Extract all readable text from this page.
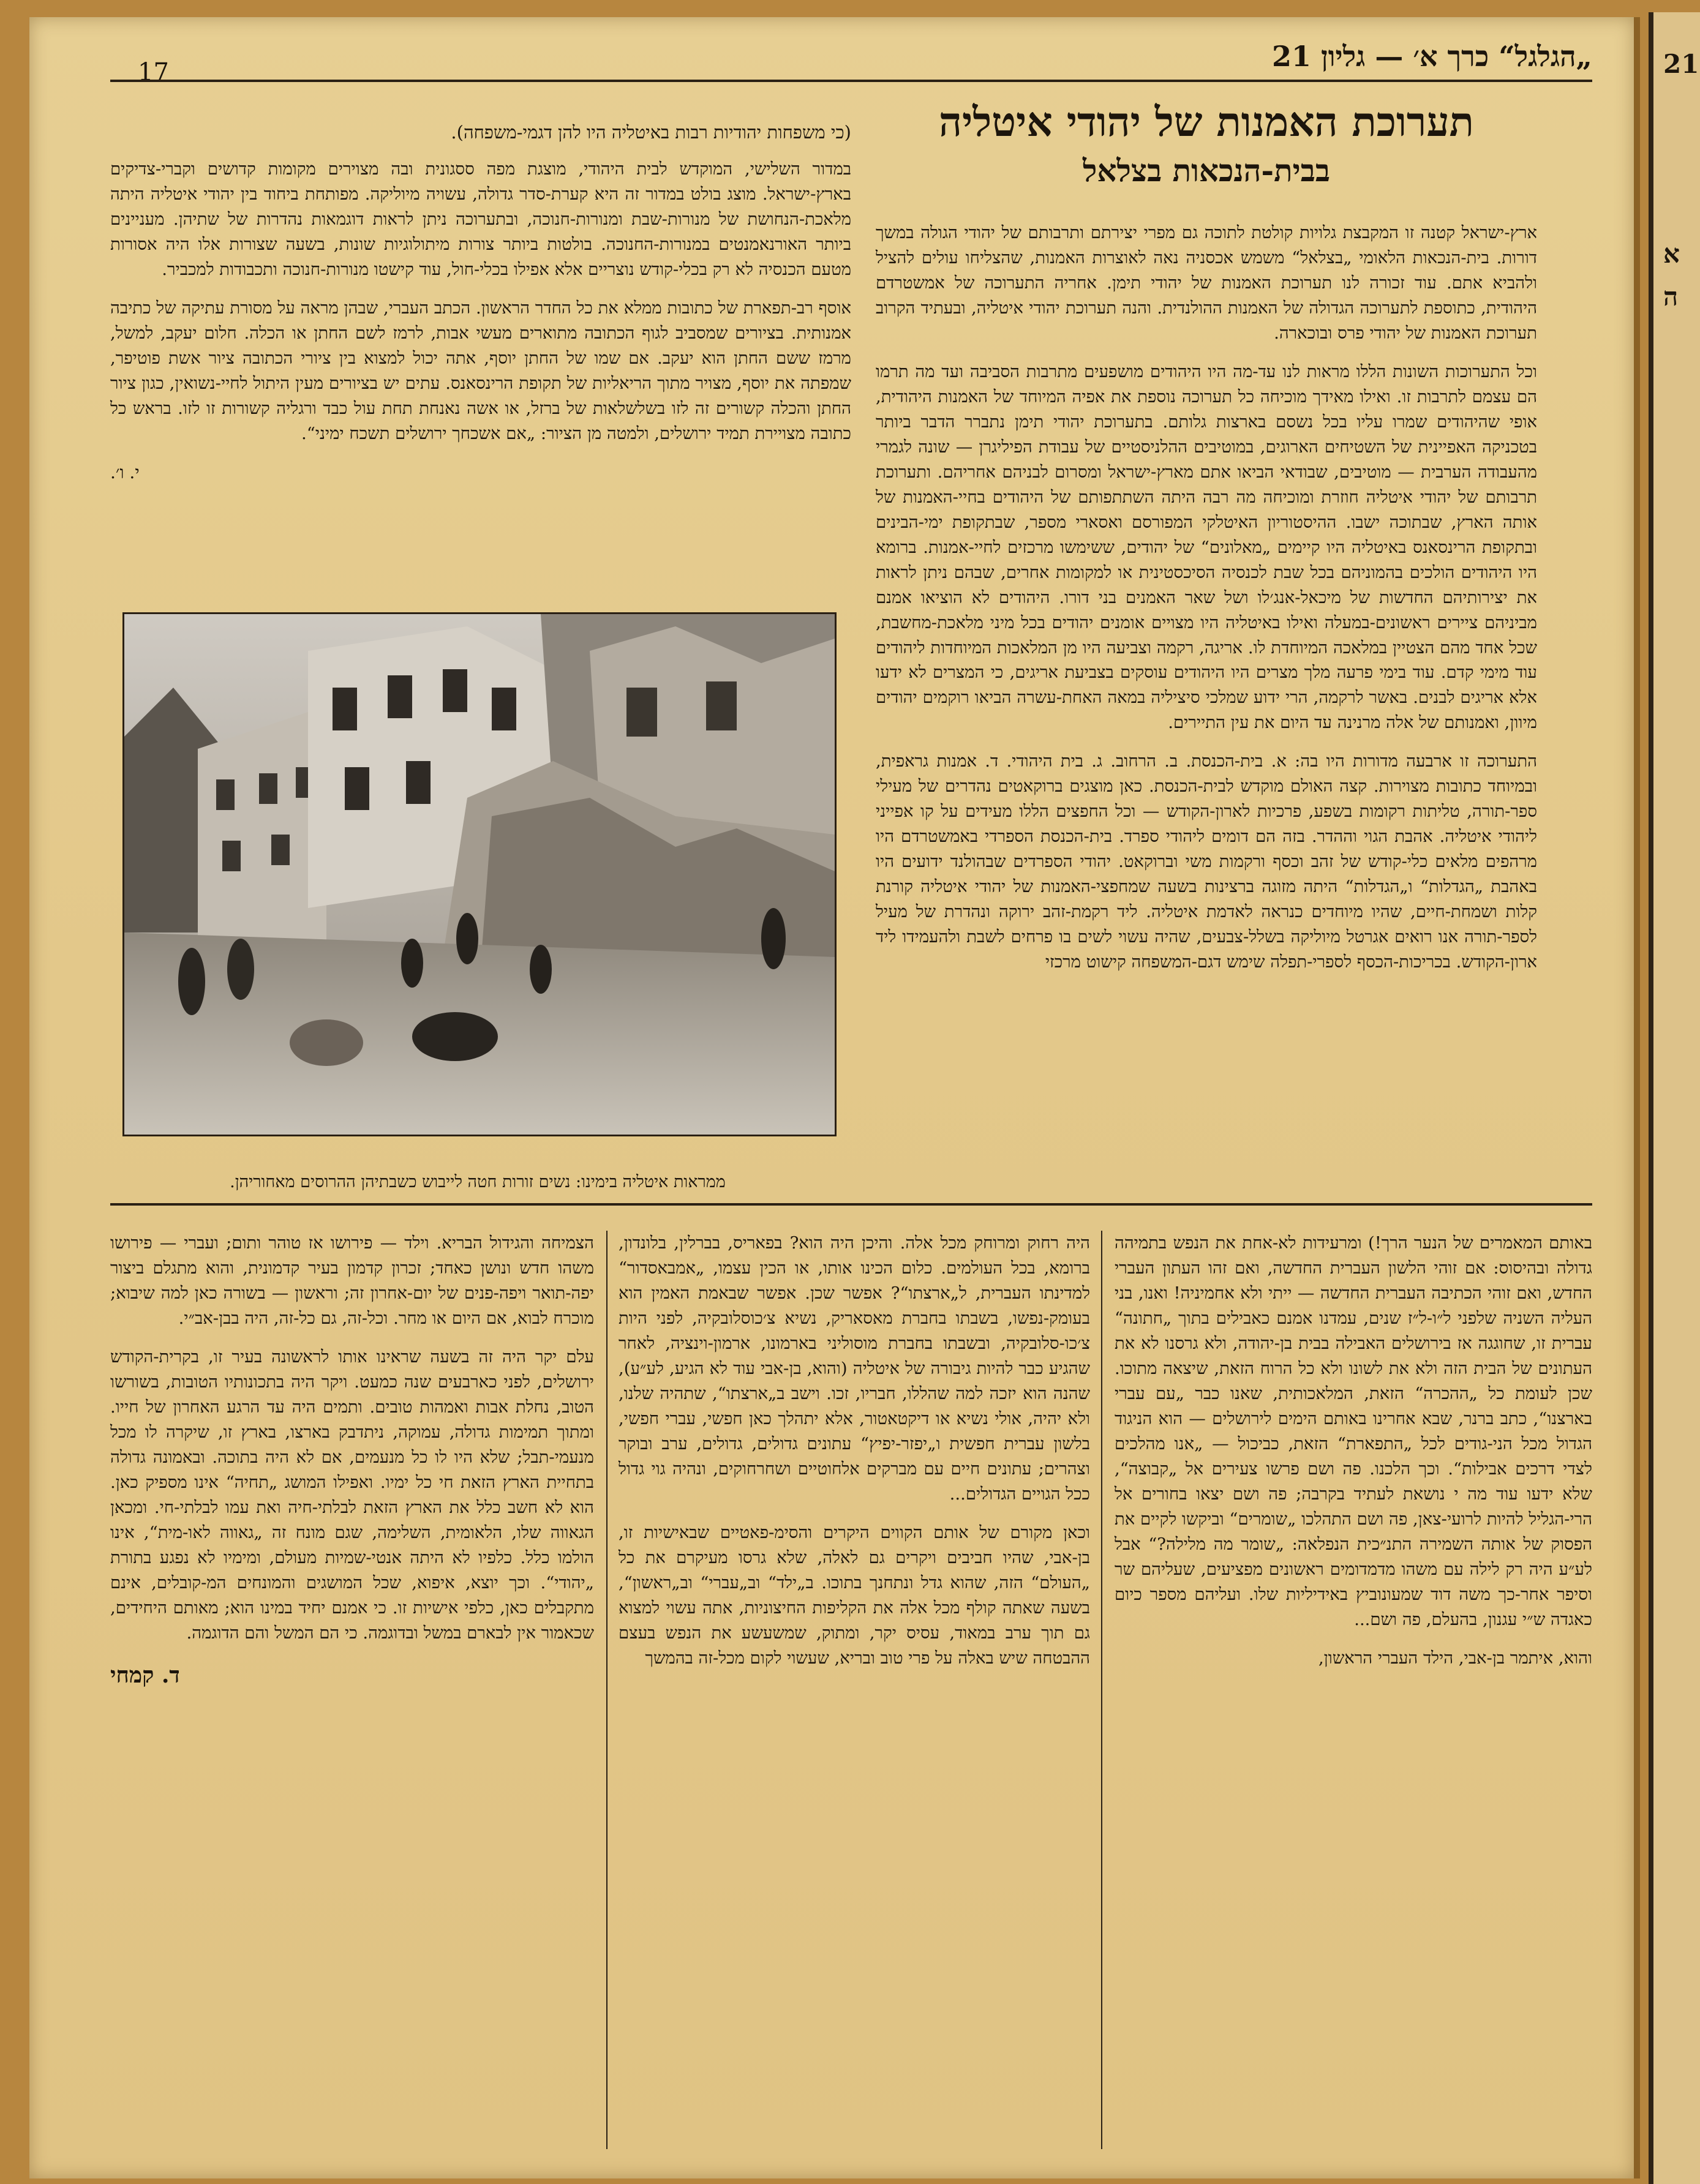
21
א
ה
17	„הגלגל“ כרך א׳ — גליון 21
תערוכת האמנות של יהודי איטליה
בבית-הנכאות בצלאל

ארץ-ישראל קטנה זו המקבצת גלויות קולטת לתוכה גם מפרי יצירתם ותרבותם של יהודי הגולה במשך דורות. בית-הנכאות הלאומי „בצלאל“ משמש אכסניה נאה לאוצרות האמנות, שהצליחו עולים להציל ולהביא אתם. עוד זכורה לנו תערוכת האמנות של יהודי תימן. אחריה התערוכה של אמשטרדם היהודית, כתוספת לתערוכה הגדולה של האמנות ההולנדית. והנה תערוכת יהודי איטליה, ובעתיד הקרוב תערוכת האמנות של יהודי פרס ובוכארה.

וכל התערוכות השונות הללו מראות לנו עד-מה היו היהודים מושפעים מתרבות הסביבה ועד מה תרמו הם עצמם לתרבות זו. ואילו מאידך מוכיחה כל תערוכה נוספת את אפיה המיוחד של האמנות היהודית, אופי שהיהודים שמרו עליו בכל נשסם בארצות גלותם. בתערוכת יהודי תימן נתברר הדבר ביותר בטכניקה האפיינית של השטיחים הארוגים, במוטיבים ההלניסטיים של עבודת הפיליגרן — שונה לגמרי מהעבודה הערבית — מוטיבים, שבודאי הביאו אתם מארץ-ישראל ומסרום לבניהם אחריהם. ותערוכת תרבותם של יהודי איטליה חוזרת ומוכיחה מה רבה היתה השתתפותם של היהודים בחיי-האמנות של אותה הארץ, שבתוכה ישבו. ההיסטוריון האיטלקי המפורסם ואסארי מספר, שבתקופת ימי-הבינים ובתקופת הרינסאנס באיטליה היו קיימים „מאלונים“ של יהודים, ששימשו מרכזים לחיי-אמנות. ברומא היו היהודים הולכים בהמוניהם בכל שבת לכנסיה הסיכסטינית או למקומות אחרים, שבהם ניתן לראות את יצירותיהם החדשות של מיכאל-אנג׳לו ושל שאר האמנים בני דורו. היהודים לא הוציאו אמנם מביניהם ציירים ראשונים-במעלה ואילו באיטליה היו מצויים אומנים יהודים בכל מיני מלאכת-מחשבת, שכל אחד מהם הצטיין במלאכה המיוחדת לו. אריגה, רקמה וצביעה היו מן המלאכות המיוחדות ליהודים עוד מימי קדם. עוד בימי פרעה מלך מצרים היו היהודים עוסקים בצביעת אריגים, כי המצרים לא ידעו אלא אריגים לבנים. באשר לרקמה, הרי ידוע שמלכי סיציליה במאה האחת-עשרה הביאו רוקמים יהודים מיוון, ואמנותם של אלה מרנינה עד היום את עין התיירים.

התערוכה זו ארבעה מדורות היו בה: א. בית-הכנסת. ב. הרחוב. ג. בית היהודי. ד. אמנות גראפית, ובמיוחד כתובות מצוירות. קצה האולם מוקדש לבית-הכנסת. כאן מוצגים ברוקאטים נהדרים של מעילי ספר-תורה, טליתות רקומות בשפע, פרכיות לארון-הקודש — וכל החפצים הללו מעידים על קו אפייני ליהודי איטליה. אהבת הגוי וההדר. בזה הם דומים ליהודי ספרד. בית-הכנסת הספרדי באמשטרדם היו מרהפים מלאים כלי-קודש של זהב וכסף ורקמות משי וברוקאט. יהודי הספרדים שבהולנד ידועים היו באהבת „הגדלות“ ו„הגדלות“ היתה מזוגה ברצינות בשעה שמחפצי-האמנות של יהודי איטליה קורנת קלות ושמחת-חיים, שהיו מיוחדים כנראה לאדמת איטליה. ליד רקמת-זהב ירוקה ונהדרת של מעיל לספר-תורה אנו רואים אגרטל מיוליקה בשלל-צבעים, שהיה עשוי לשים בו פרחים לשבת ולהעמידו ליד ארון-הקודש. בכריכות-הכסף לספרי-תפלה שימש דגם-המשפחה קישוט מרכזי

(כי משפחות יהודיות רבות באיטליה היו להן דגמי-משפחה).

במדור השלישי, המוקדש לבית היהודי, מוצגת מפה ססגונית ובה מצוירים מקומות קדושים וקברי-צדיקים בארץ-ישראל. מוצג בולט במדור זה היא קערת-סדר גדולה, עשויה מיוליקה. מפותחת ביחוד בין יהודי איטליה היתה מלאכת-הנחושת של מנורות-שבת ומנורות-חנוכה, ובתערוכה ניתן לראות דוגמאות נהדרות של שתיהן. מעניינים ביותר האורנאמנטים במנורות-החנוכה. בולטות ביותר צורות מיתולוגיות שונות, בשעה שצורות אלו היה אסורות מטעם הכנסיה לא רק בכלי-קודש נוצריים אלא אפילו בכלי-חול, עוד קישטו מנורות-חנוכה ותכבודות למכביר.

אוסף רב-תפארת של כתובות ממלא את כל החדר הראשון. הכתב העברי, שבהן מראה על מסורת עתיקה של כתיבה אמנותית. בציורים שמסביב לגוף הכתובה מתוארים מעשי אבות, לרמז לשם החתן או הכלה. חלום יעקב, למשל, מרמז ששם החתן הוא יעקב. אם שמו של החתן יוסף, אתה יכול למצוא בין ציורי הכתובה ציור אשת פוטיפר, שמפתה את יוסף, מצויר מתוך הריאליות של תקופת הרינסאנס. עתים יש בציורים מעין היתול לחיי-נשואין, כגון ציור החתן והכלה קשורים זה לזו בשלשלאות של ברזל, או אשה נאנחת תחת עול כבד ורגליה קשורות זו לזו. בראש כל כתובה מצויירת תמיד ירושלים, ולמטה מן הציור: „אם אשכחך ירושלים תשכח ימיני“.

י. ו׳.
ממראות איטליה בימינו: נשים זורות חטה לייבוש כשבתיהן ההרוסים מאחוריהן.

באותם המאמרים של הנער הרך!) ומרעידות לא-אחת את הנפש בתמיהה גדולה ובהיסוס: אם זוהי הלשון העברית החדשה, ואם זהו העתון העברי החדש, ואם זוהי הכתיבה העברית החדשה — ייתי ולא אחמיניה! ואנו, בני העליה השניה שלפני ל״ו-ל״ז שנים, עמדנו אמנם כאבילים בתוך „חתונה“ עברית זו, שחוגגה אז בירושלים האבילה בבית בן-יהודה, ולא גרסנו לא את העתונים של הבית הזה ולא את לשונו ולא כל הרוח הזאת, שיצאה מתוכו. שכן לעומת כל „ההכרה“ הזאת, המלאכותית, שאנו כבר „עם עברי בארצנו“, כתב ברנר, שבא אחרינו באותם הימים לירושלים — הוא הניגוד הגדול מכל הני-גודים לכל „התפארת“ הזאת, כביכול — „אנו מהלכים לצדי דרכים אבילות“. וכך הלכנו. פה ושם פרשו צעירים אל „קבוצה“, שלא ידעו עוד מה י נושאת לעתיד בקרבה; פה ושם יצאו בחורים אל הרי-הגליל להיות לרועי-צאן, פה ושם התהלכו „שומרים“ וביקשו לקיים את הפסוק של אותה השמירה התנ״כית הנפלאה: „שומר מה מלילה?“ אבל לע״ע היה רק לילה עם משהו מדמדומים ראשונים מפציעים, שעליהם שר וסיפר אחר-כך משה דוד שמעונוביץ באידיליות שלו. ועליהם מספר כיום כאגדה ש״י עגנון, בהעלם, פה ושם...

והוא, איתמר בן-אבי, הילד העברי הראשון,

היה רחוק ומרוחק מכל אלה. והיכן היה הוא? בפאריס, בברלין, בלונדון, ברומא, בכל העולמים. כלום הכינו אותו, או הכין עצמו, „אמבאסדור“ למדינתו העברית, ל„ארצתו“? אפשר שכן. אפשר שבאמת האמין הוא בעומק-נפשו, בשבתו בחברת מאסאריק, נשיא צ׳כוסלובקיה, לפני היות צ׳כו-סלובקיה, ובשבתו בחברת מוסוליני בארמונו, ארמון-וינציה, לאחר שהגיע כבר להיות גיבורה של איטליה (והוא, בן-אבי עוד לא הגיע, לע״ע), שהנה הוא יזכה למה שהללו, חבריו, זכו. וישב ב„ארצתו“, שתהיה שלנו, ולא יהיה, אולי נשיא או דיקטאטור, אלא יתהלך כאן חפשי, עברי חפשי, בלשון עברית חפשית ו„יפזר-יפיץ“ עתונים גדולים, גדולים, ערב ובוקר וצהרים; עתונים חיים עם מברקים אלחוטיים ושחרחוקים, ונהיה גוי גדול ככל הגויים הגדולים...

וכאן מקורם של אותם הקווים היקרים והסימ-פאטיים שבאישיות זו, בן-אבי, שהיו חביבים ויקרים גם לאלה, שלא גרסו מעיקרם את כל „העולם“ הזה, שהוא גדל ונתחנך בתוכו. ב„ילד“ וב„עברי“ וב„ראשון“, בשעה שאתה קולף מכל אלה את הקליפות החיצוניות, אתה עשוי למצוא גם תוך ערב במאוד, עסיס יקר, ומתוק, שמשעשע את הנפש בעצם ההבטחה שיש באלה על פרי טוב ובריא, שעשוי לקום מכל-זה בהמשך

הצמיחה והגידול הבריא. וילד — פירושו אז טוהר ותום; ועברי — פירושו משהו חדש ונושן כאחד; זכרון קדמון בעיר קדמונית, והוא מתגלם ביצור יפה-תואר ויפה-פנים של יום-אחרון זה; וראשון — בשורה כאן למה שיבוא; מוכרח לבוא, אם היום או מחר. וכל-זה, גם כל-זה, היה בבן-אב״י.

עלם יקר היה זה בשעה שראינו אותו לראשונה בעיר זו, בקרית-הקודש ירושלים, לפני כארבעים שנה כמעט. ויקר היה בתכונותיו הטובות, בשורשו הטוב, נחלת אבות ואמהות טובים. ותמים היה עד הרגע האחרון של חייו. ומתוך תמימות גדולה, עמוקה, ניתדבק בארצו, בארץ זו, שיקרה לו מכל מנעמי-תבל; שלא היו לו כל מנעמים, אם לא היה בתוכה. ובאמונה גדולה בתחיית הארץ הזאת חי כל ימיו. ואפילו המושג „תחיה“ אינו מספיק כאן. הוא לא חשב כלל את הארץ הזאת לבלתי-חיה ואת עמו לבלתי-חי. ומכאן הגאווה שלו, הלאומית, השלימה, שגם מונח זה „גאווה לאו-מית“, אינו הולמו כלל. כלפיו לא היתה אנטי-שמיות מעולם, ומימיו לא נפגע בתורת „יהודי“. וכך יוצא, איפוא, שכל המושגים והמונחים המ-קובלים, אינם מתקבלים כאן, כלפי אישיות זו. כי אמנם יחיד במינו הוא; מאותם היחידים, שכאמור אין לבארם במשל ובדוגמה. כי הם המשל והם הדוגמה.

ד. קמחי
